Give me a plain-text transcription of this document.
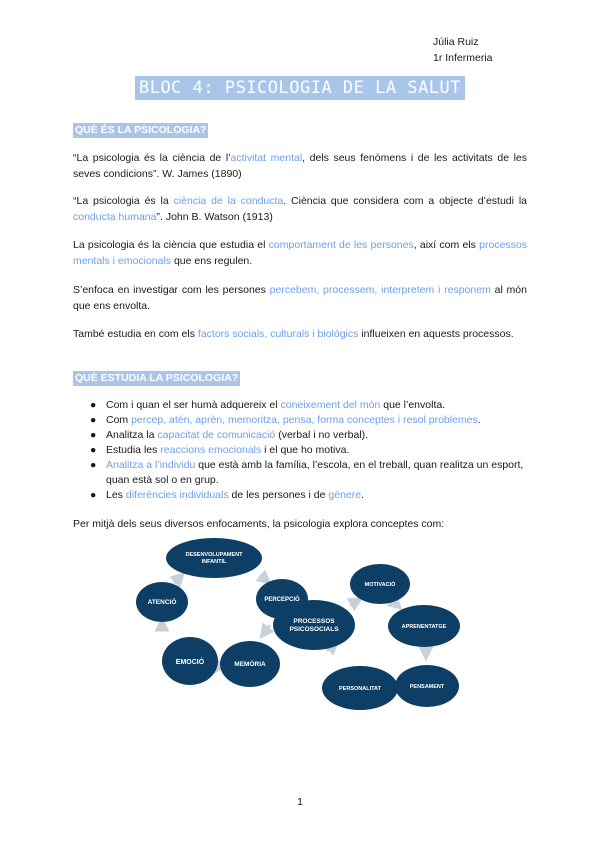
Júlia Ruiz
1r Infermeria
BLOC 4: PSICOLOGIA DE LA SALUT
QUÈ ÉS LA PSICOLOGIA?

“La psicologia és la ciència de l’activitat mental, dels seus fenòmens i de les activitats de les seves condicions”. W. James (1890)

“La psicologia és la ciència de la conducta. Ciència que considera com a objecte d’estudi la conducta humana”. John B. Watson (1913)

La psicologia és la ciència que estudia el comportament de les persones, així com els processos mentals i emocionals que ens regulen.

S’enfoca en investigar com les persones percebem, processem, interpretem i responem al món que ens envolta.

També estudia en com els factors socials, culturals i biològics influeixen en aquests processos.

QUÈ ESTUDIA LA PSICOLOGIA?
● Com i quan el ser humà adquereix el coneixement del món que l’envolta.
● Com percep, atén, aprèn, memoritza, pensa, forma conceptes i resol problemes.
● Analitza la capacitat de comunicació (verbal i no verbal).
● Estudia les reaccions emocionals i el que ho motiva.
● Analitza a l’individu que està amb la família, l’escola, en el treball, quan realitza un esport, quan està sol o en grup.
● Les diferències individuals de les persones i de gènere.

Per mitjà dels seus diversos enfocaments, la psicologia explora conceptes com:

DESENVOLUPAMENT
INFANTIL
PERCEPCIÓ
ATENCIÓ
EMOCIÓ	MEMÒRIA
PROCESSOS
PSICOSOCIALS
MOTIVACIÓ
APRENENTATGE
PENSAMENT
PERSONALITAT
1
